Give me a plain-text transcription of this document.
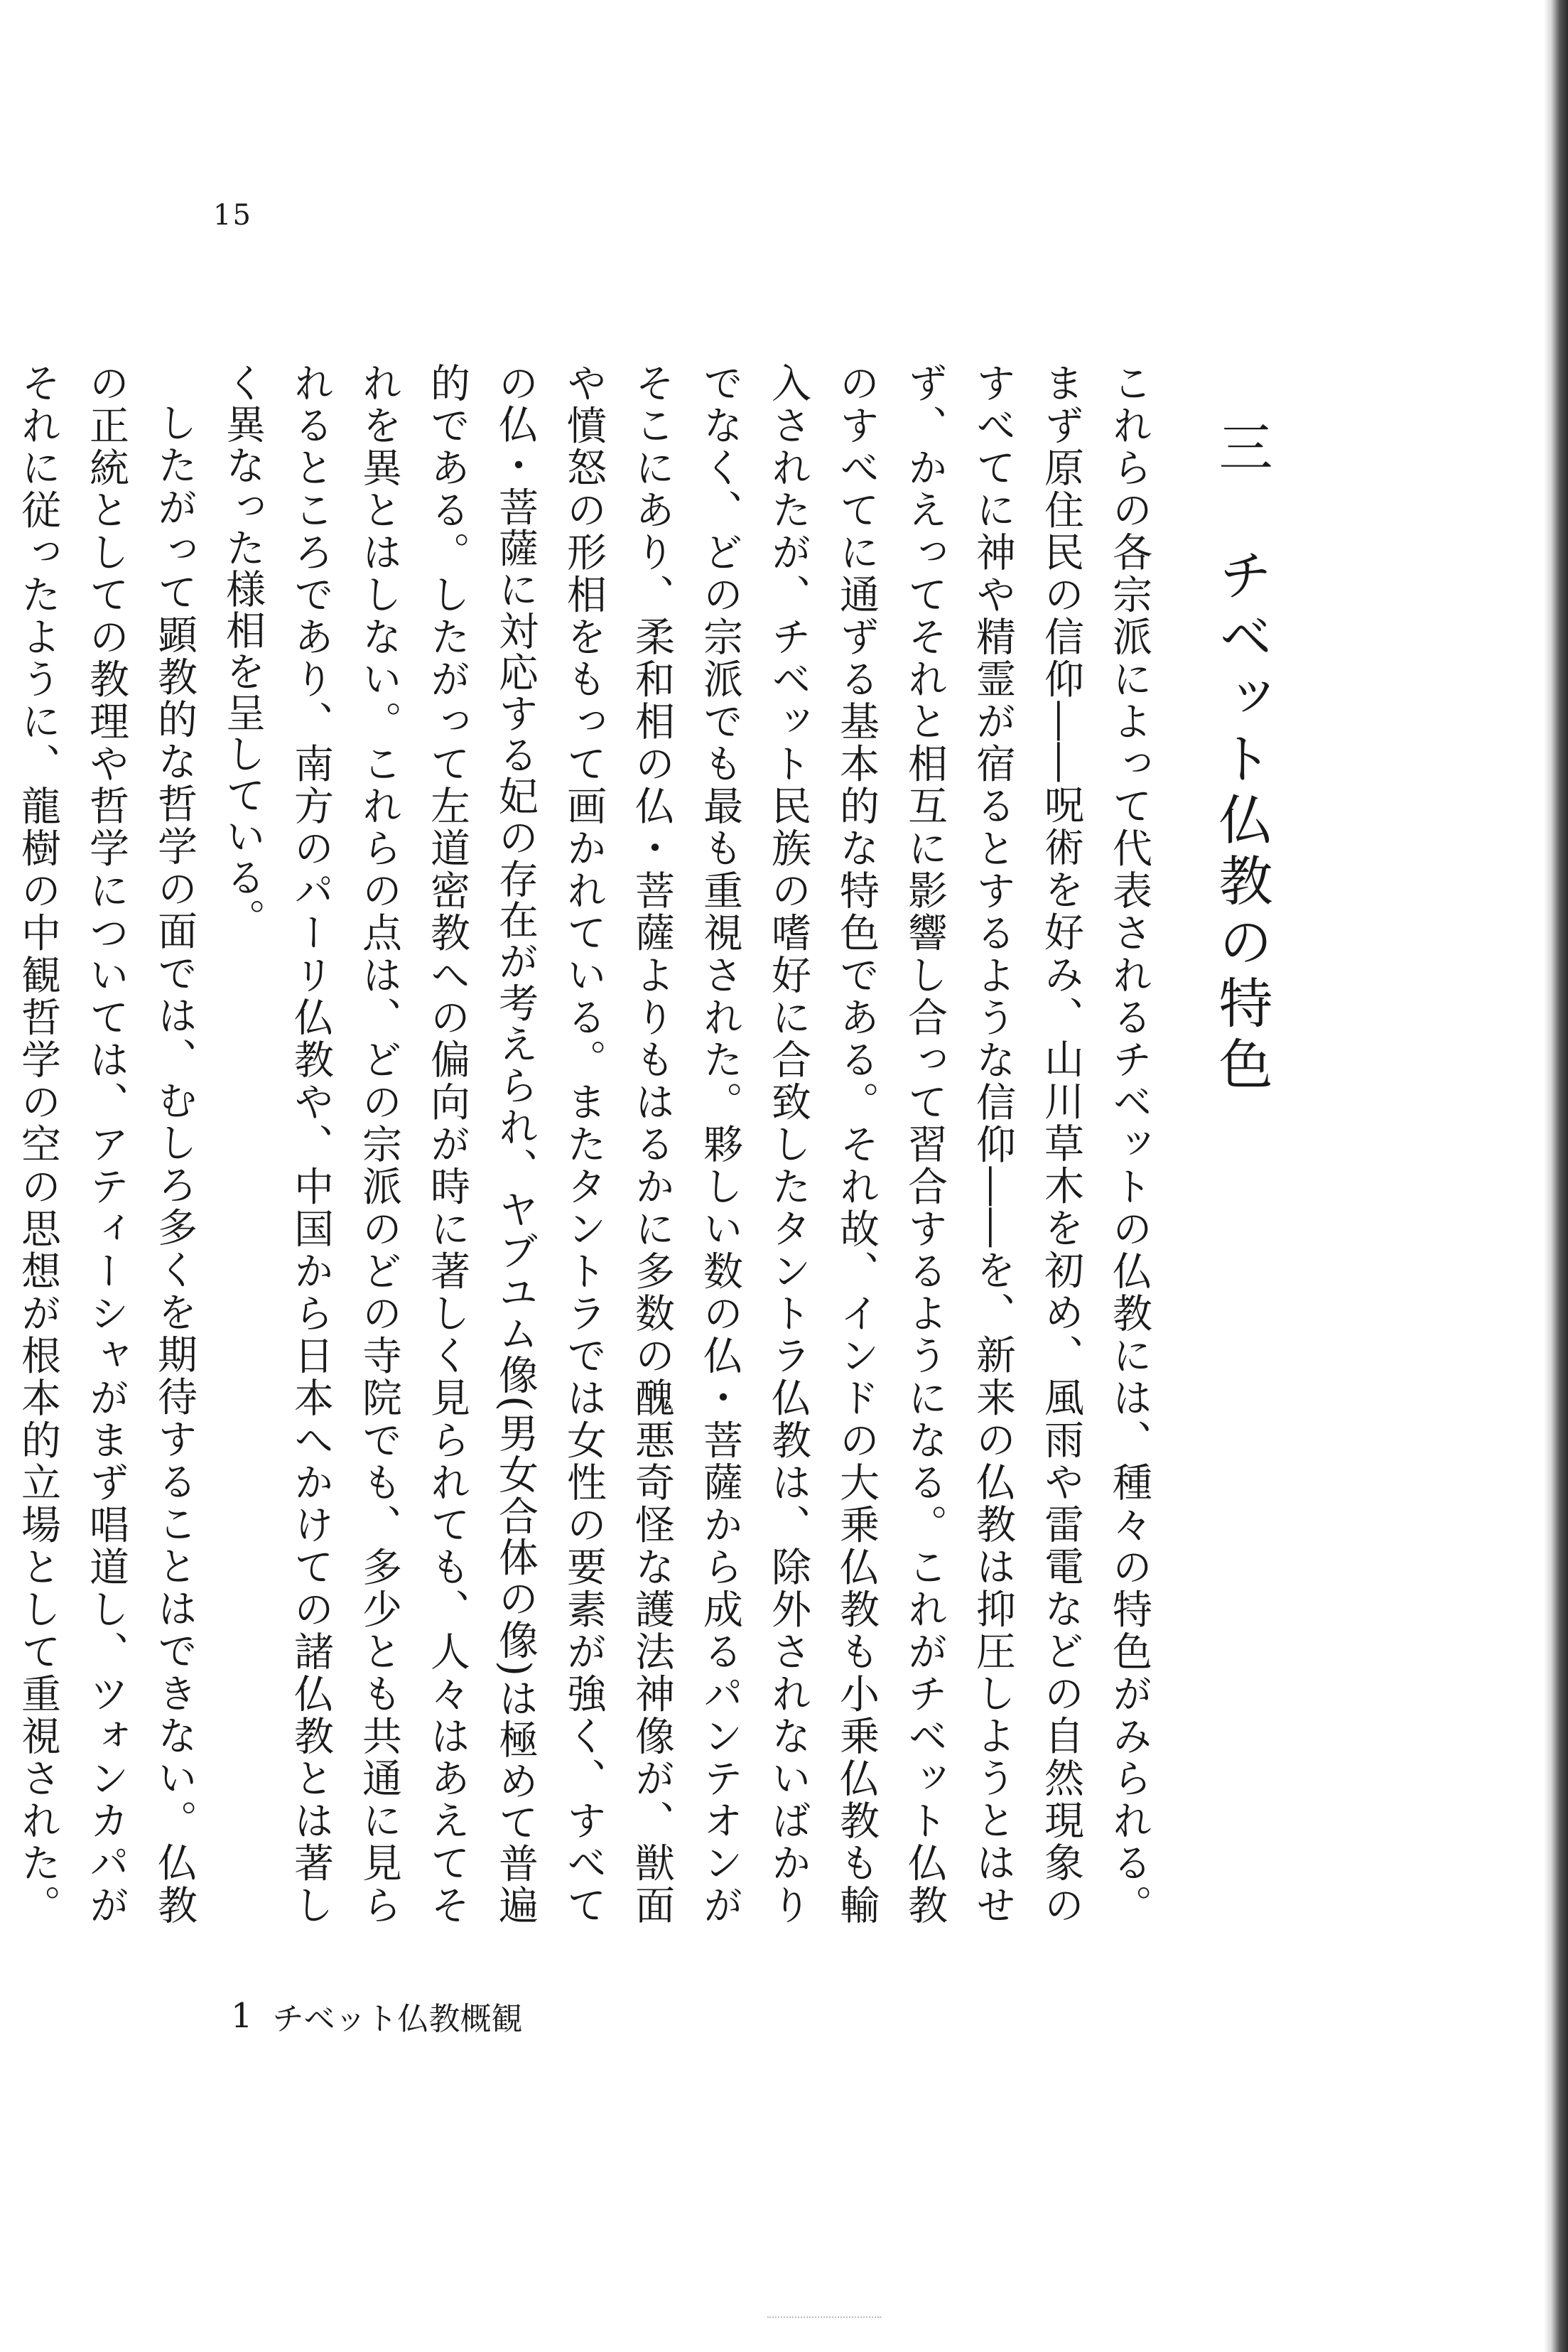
15
三 チベット仏教の特色

これらの各宗派によって代表されるチベットの仏教には、種々の特色がみられる。まず原住民の信仰――呪術を好み、山川草木を初め、風雨や雷電などの自然現象のすべてに神や精霊が宿るとするような信仰――を、新来の仏教は抑圧しようとはせず、かえってそれと相互に影響し合って習合するようになる。これがチベット仏教のすべてに通ずる基本的な特色である。それ故、インドの大乗仏教も小乗仏教も輸入されたが、チベット民族の嗜好に合致したタントラ仏教は、除外されないばかりでなく、どの宗派でも最も重視された。夥しい数の仏・菩薩から成るパンテオンがそこにあり、柔和相の仏・菩薩よりもはるかに多数の醜悪奇怪な護法神像が、獣面や憤怒の形相をもって画かれている。またタントラでは女性の要素が強く、すべての仏・菩薩に対応する妃の存在が考えられ、ヤブユム像(男女合体の像)は極めて普遍的である。したがって左道密教への偏向が時に著しく見られても、人々はあえてそれを異とはしない。これらの点は、どの宗派のどの寺院でも、多少とも共通に見られるところであり、南方のパーリ仏教や、中国から日本へかけての諸仏教とは著しく異なった様相を呈している。

したがって顕教的な哲学の面では、むしろ多くを期待することはできない。仏教の正統としての教理や哲学については、アティーシャがまず唱道し、ツォンカパがそれに従ったように、龍樹の中観哲学の空の思想が根本的立場として重視された。

1 チベット仏教概観
